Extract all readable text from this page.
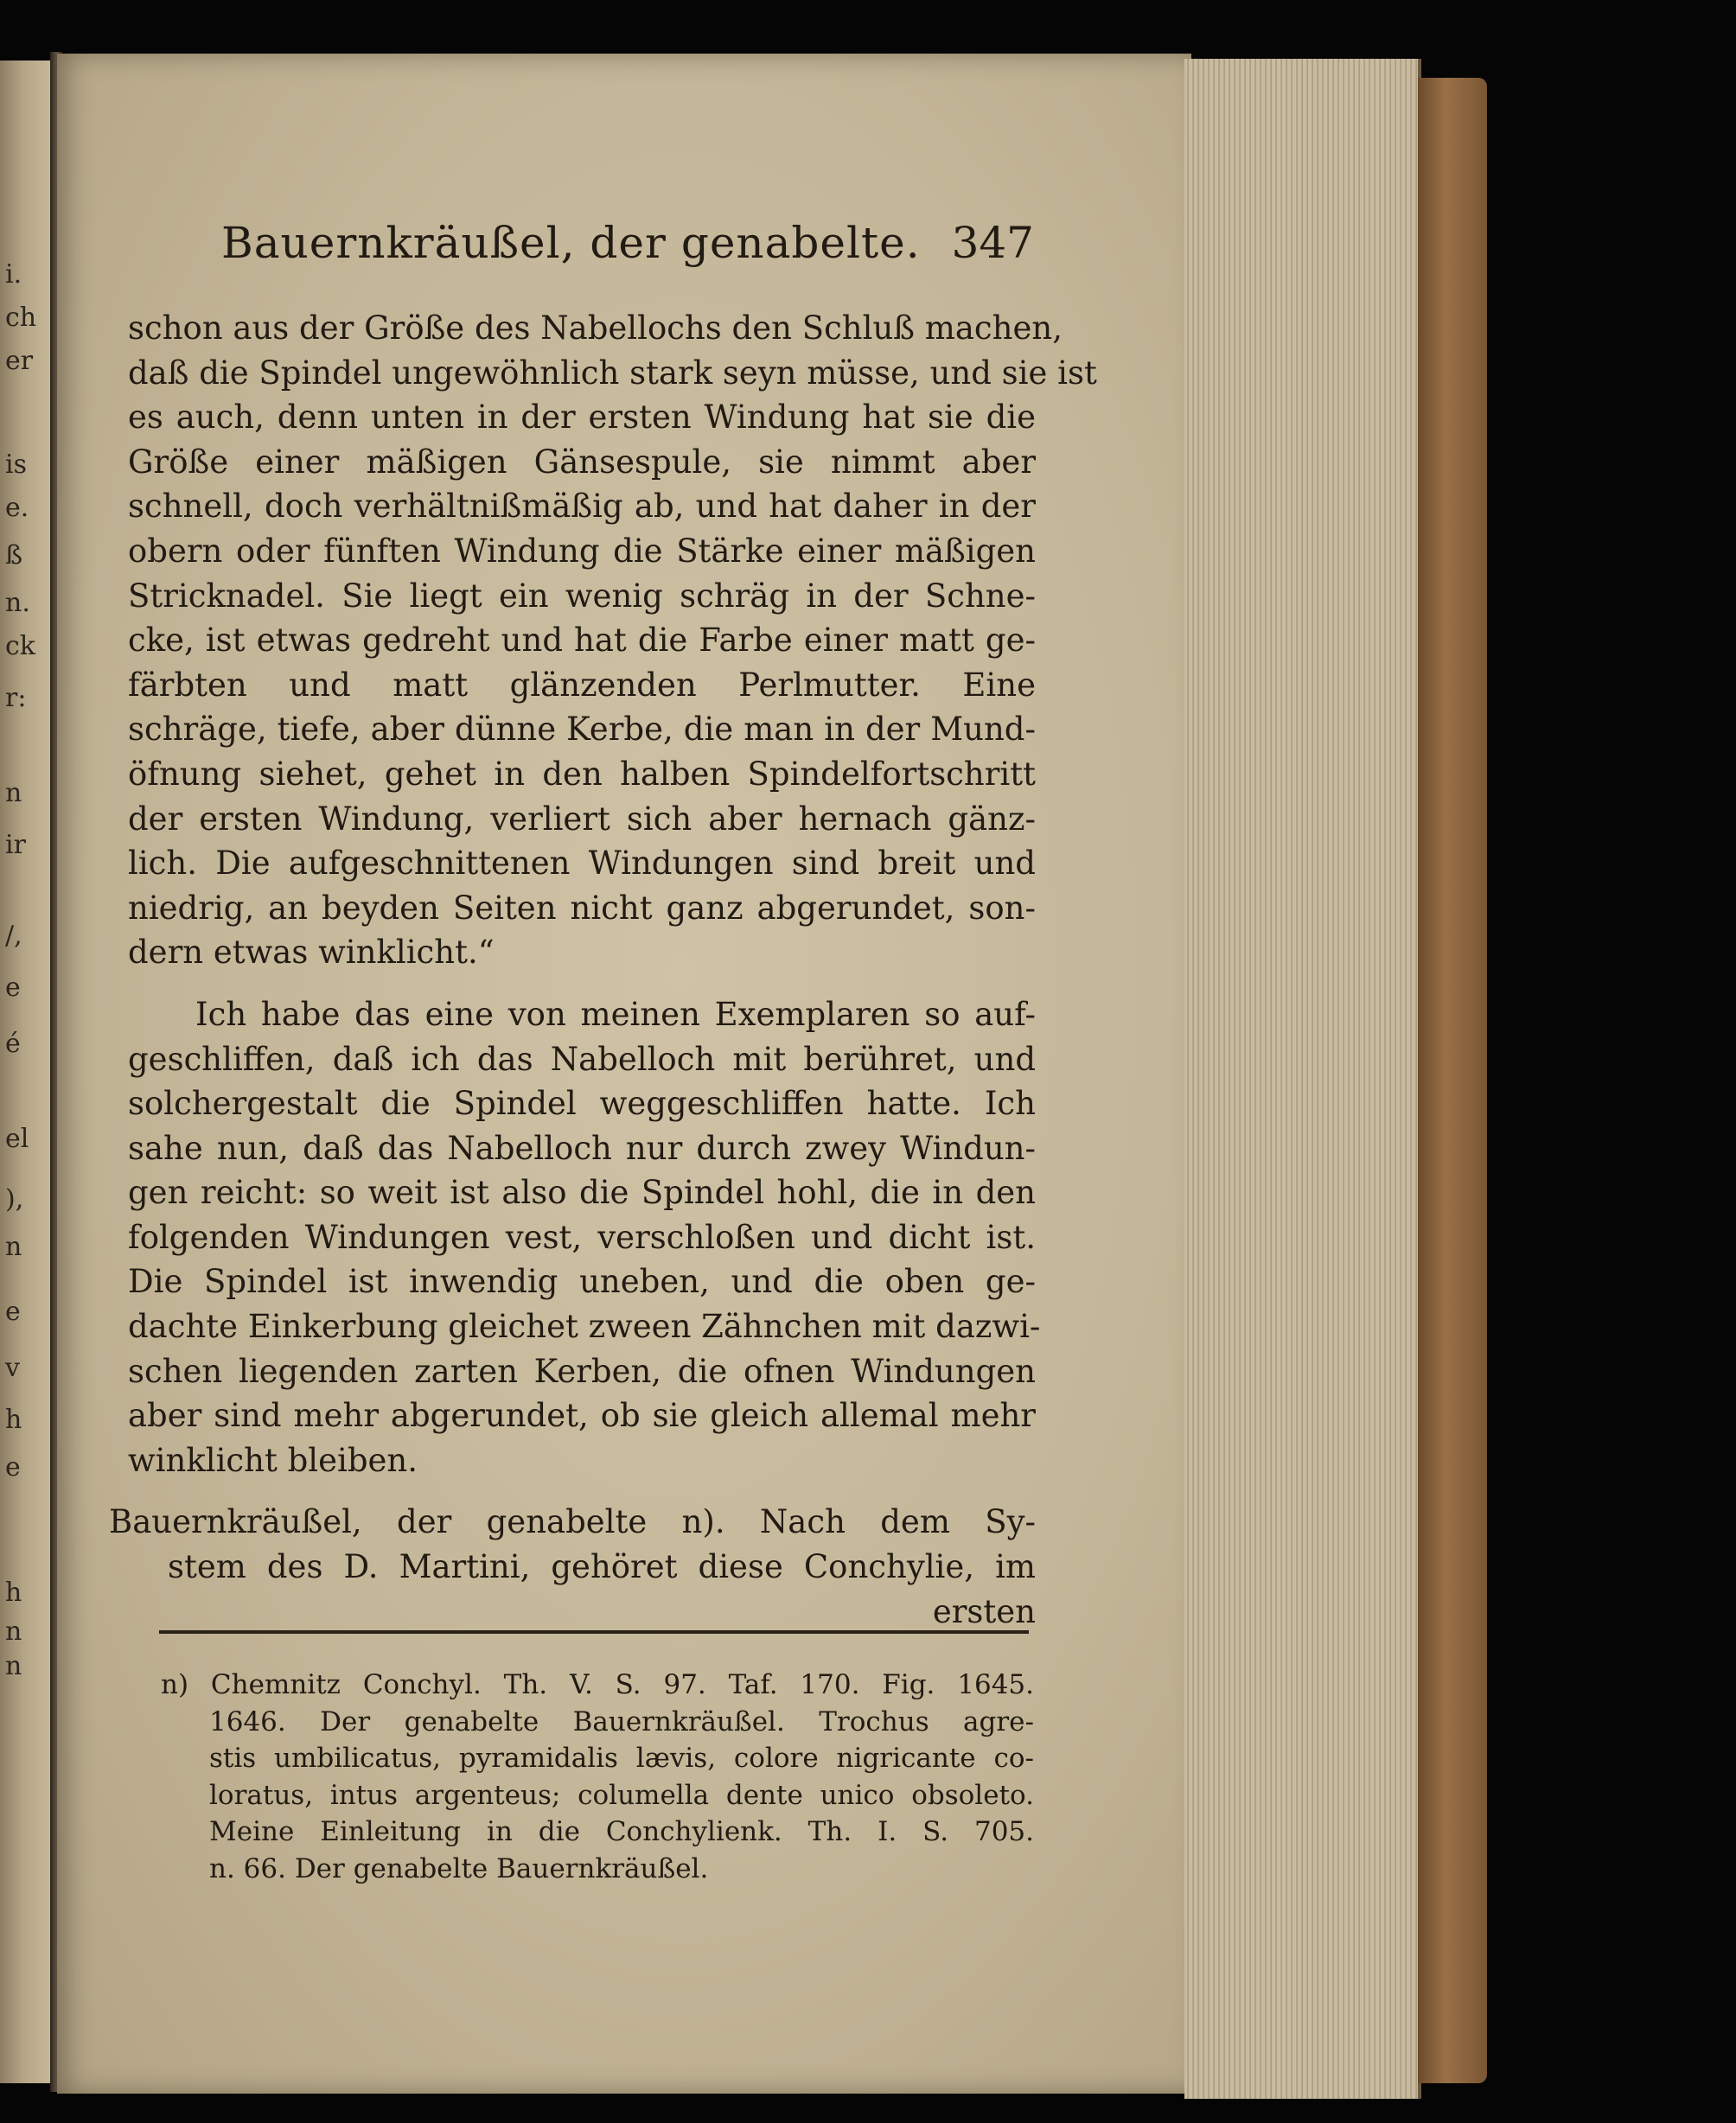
i.
ch
er
is
e.
ß
n.
ck
r:
n
ir
/,
e
é
el
),
n
e
v
h
e
h
n
n
Bauernkräußel, der genabelte. 347
schon aus der Größe des Nabellochs den Schluß machen,
daß die Spindel ungewöhnlich stark seyn müsse, und sie ist
es auch, denn unten in der ersten Windung hat sie die
Größe einer mäßigen Gänsespule, sie nimmt aber
schnell, doch verhältnißmäßig ab, und hat daher in der
obern oder fünften Windung die Stärke einer mäßigen
Stricknadel. Sie liegt ein wenig schräg in der Schne-
cke, ist etwas gedreht und hat die Farbe einer matt ge-
färbten und matt glänzenden Perlmutter. Eine
schräge, tiefe, aber dünne Kerbe, die man in der Mund-
öfnung siehet, gehet in den halben Spindelfortschritt
der ersten Windung, verliert sich aber hernach gänz-
lich. Die aufgeschnittenen Windungen sind breit und
niedrig, an beyden Seiten nicht ganz abgerundet, son-
dern etwas winklicht.“
Ich habe das eine von meinen Exemplaren so auf-
geschliffen, daß ich das Nabelloch mit berühret, und
solchergestalt die Spindel weggeschliffen hatte. Ich
sahe nun, daß das Nabelloch nur durch zwey Windun-
gen reicht: so weit ist also die Spindel hohl, die in den
folgenden Windungen vest, verschloßen und dicht ist.
Die Spindel ist inwendig uneben, und die oben ge-
dachte Einkerbung gleichet zween Zähnchen mit dazwi-
schen liegenden zarten Kerben, die ofnen Windungen
aber sind mehr abgerundet, ob sie gleich allemal mehr
winklicht bleiben.
Bauernkräußel, der genabelte n). Nach dem Sy-
stem des D. Martini, gehöret diese Conchylie, im
ersten
n) Chemnitz Conchyl. Th. V. S. 97. Taf. 170. Fig. 1645.
1646. Der genabelte Bauernkräußel. Trochus agre-
stis umbilicatus, pyramidalis lævis, colore nigricante co-
loratus, intus argenteus; columella dente unico obsoleto.
Meine Einleitung in die Conchylienk. Th. I. S. 705.
n. 66. Der genabelte Bauernkräußel.
